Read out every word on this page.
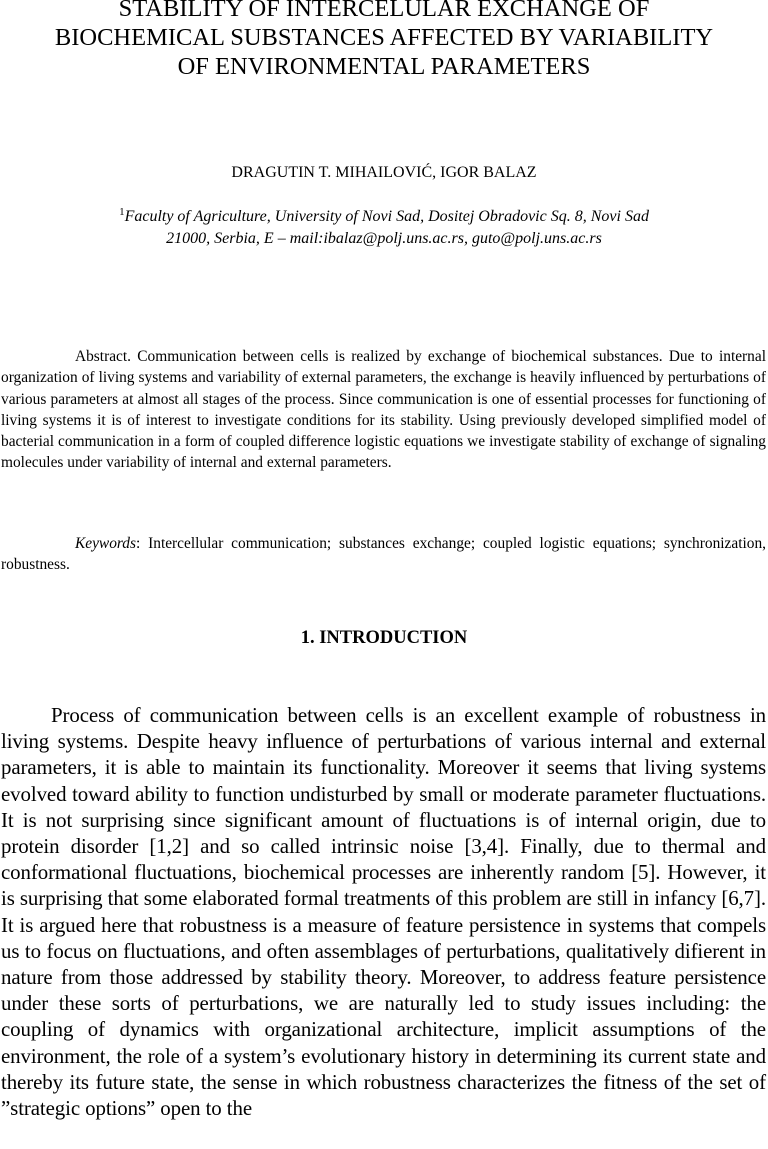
STABILITY OF INTERCELULAR EXCHANGE OF
BIOCHEMICAL SUBSTANCES AFFECTED BY VARIABILITY
OF ENVIRONMENTAL PARAMETERS
DRAGUTIN T. MIHAILOVIĆ, IGOR BALAZ
$^1$Faculty of Agriculture, University of Novi Sad, Dositej Obradovic Sq. 8, Novi Sad
21000, Serbia, E – mail:ibalaz@polj.uns.ac.rs, guto@polj.uns.ac.rs

Abstract. Communication between cells is realized by exchange of biochemical substances. Due to internal organization of living systems and variability of external parameters, the exchange is heavily influenced by perturbations of various parameters at almost all stages of the process. Since communication is one of essential processes for functioning of living systems it is of interest to investigate conditions for its stability. Using previously developed simplified model of bacterial communication in a form of coupled difference logistic equations we investigate stability of exchange of signaling molecules under variability of internal and external parameters.

Keywords: Intercellular communication; substances exchange; coupled logistic equations; synchronization, robustness.

1. INTRODUCTION

Process of communication between cells is an excellent example of robustness in living systems. Despite heavy influence of perturbations of various internal and external parameters, it is able to maintain its functionality. Moreover it seems that living systems evolved toward ability to function undisturbed by small or moderate parameter fluctuations. It is not surprising since significant amount of fluctuations is of internal origin, due to protein disorder [1,2] and so called intrinsic noise [3,4]. Finally, due to thermal and conformational fluctuations, biochemical processes are inherently random [5]. However, it is surprising that some elaborated formal treatments of this problem are still in infancy [6,7]. It is argued here that robustness is a measure of feature persistence in systems that compels us to focus on fluctuations, and often assemblages of perturbations, qualitatively difierent in nature from those addressed by stability theory. Moreover, to address feature persistence under these sorts of perturbations, we are naturally led to study issues including: the coupling of dynamics with organizational architecture, implicit assumptions of the environment, the role of a system’s evolutionary history in determining its current state and thereby its future state, the sense in which robustness characterizes the fitness of the set of ”strategic options” open to the
